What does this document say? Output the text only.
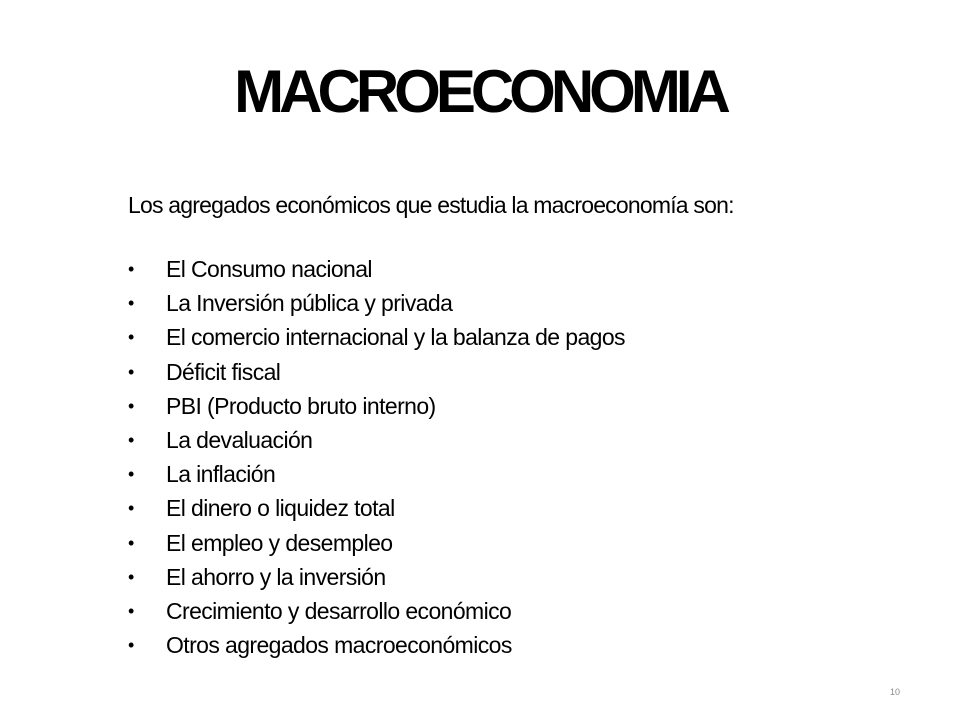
MACROECONOMIA
Los agregados económicos que estudia la macroeconomía son:
• El Consumo nacional
• La Inversión pública y privada
• El comercio internacional y la balanza de pagos
• Déficit fiscal
• PBI (Producto bruto interno)
• La devaluación
• La inflación
• El dinero o liquidez total
• El empleo y desempleo
• El ahorro y la inversión
• Crecimiento y desarrollo económico
• Otros agregados macroeconómicos
10
